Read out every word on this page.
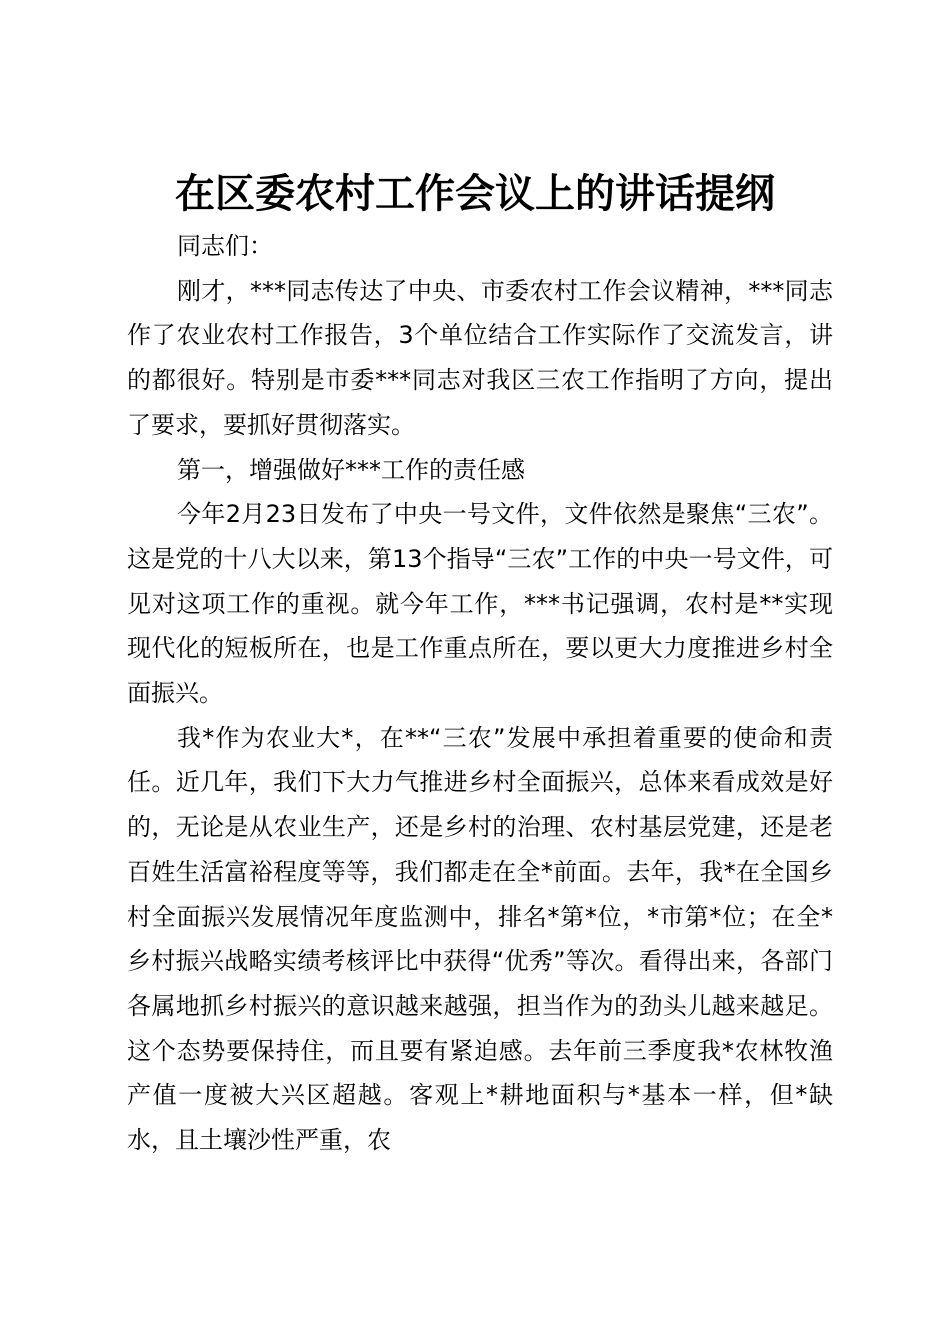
在区委农村工作会议上的讲话提纲

同志们：

刚才，***同志传达了中央、市委农村工作会议精神，***同志作了农业农村工作报告，3个单位结合工作实际作了交流发言，讲的都很好。特别是市委***同志对我区三农工作指明了方向，提出了要求，要抓好贯彻落实。

第一，增强做好***工作的责任感

今年2月23日发布了中央一号文件，文件依然是聚焦“三农”。这是党的十八大以来，第13个指导“三农”工作的中央一号文件，可见对这项工作的重视。就今年工作，***书记强调，农村是**实现现代化的短板所在，也是工作重点所在，要以更大力度推进乡村全面振兴。

我*作为农业大*，在**“三农”发展中承担着重要的使命和责任。近几年，我们下大力气推进乡村全面振兴，总体来看成效是好的，无论是从农业生产，还是乡村的治理、农村基层党建，还是老百姓生活富裕程度等等，我们都走在全*前面。去年，我*在全国乡村全面振兴发展情况年度监测中，排名*第*位，*市第*位；在全*乡村振兴战略实绩考核评比中获得“优秀”等次。看得出来，各部门各属地抓乡村振兴的意识越来越强，担当作为的劲头儿越来越足。这个态势要保持住，而且要有紧迫感。去年前三季度我*农林牧渔产值一度被大兴区超越。客观上*耕地面积与*基本一样，但*缺水，且土壤沙性严重，农
